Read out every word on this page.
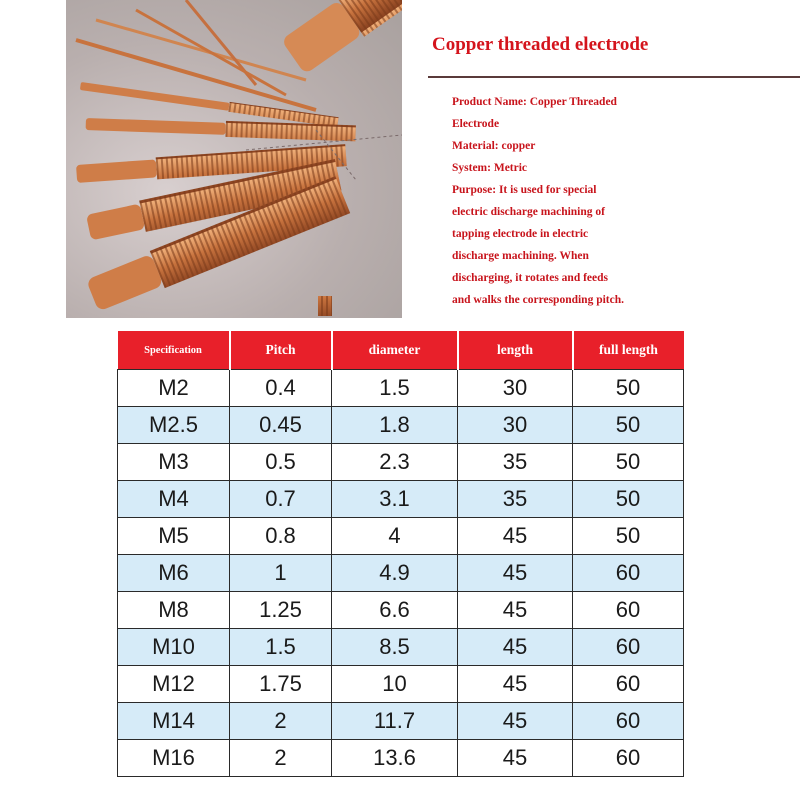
Copper threaded electrode

Product Name: Copper Threaded

Electrode

Material: copper

System: Metric

Purpose: It is used for special

electric discharge machining of

tapping electrode in electric

discharge machining. When

discharging, it rotates and feeds

and walks the corresponding pitch.

Specification	Pitch	diameter	length	full length
M2	0.4	1.5	30	50
M2.5	0.45	1.8	30	50
M3	0.5	2.3	35	50
M4	0.7	3.1	35	50
M5	0.8	4	45	50
M6	1	4.9	45	60
M8	1.25	6.6	45	60
M10	1.5	8.5	45	60
M12	1.75	10	45	60
M14	2	11.7	45	60
M16	2	13.6	45	60
